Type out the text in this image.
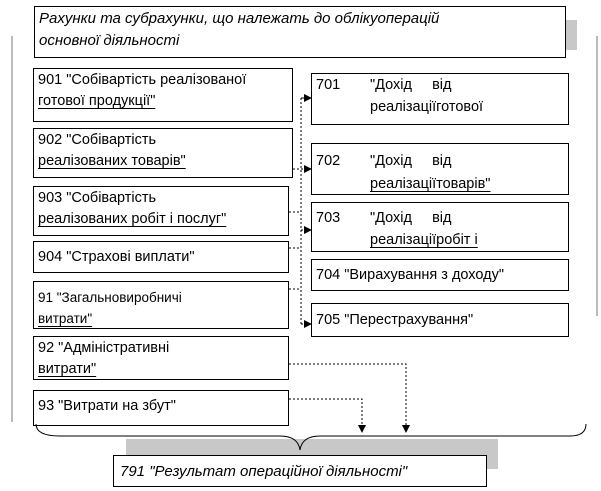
Рахунки та субрахунки, що належать до облікуоперацій
основної діяльності
901 "Собівартість реалізованої
готової продукції"
902 "Собівартість
реалізованих товарів"
903 "Собівартість
реалізованих робіт і послуг"
904 "Страхові виплати"
91 "Загальновиробничі
витрати"
92 "Адміністративні
витрати"
93 "Витрати на збут"
701 "Дохід     від
реалізаціїготової
702 "Дохід     від
реалізаціїтоварів"
703 "Дохід     від
реалізаціїробіт і
704 "Вирахування з доходу"
705 "Перестрахування"
791 "Результат операційної діяльності"
